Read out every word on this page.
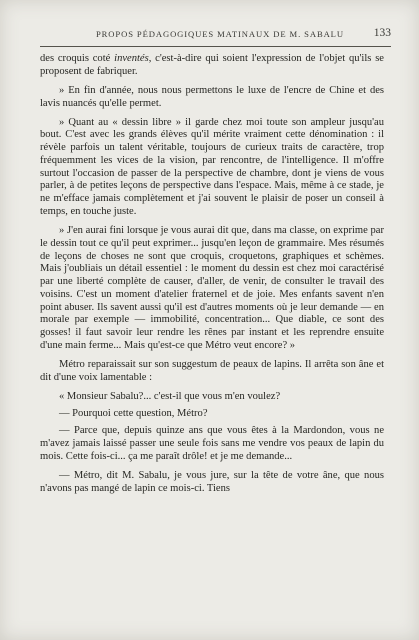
PROPOS PÉDAGOGIQUES MATINAUX DE M. SABALU	133

des croquis coté inventés, c'est-à-dire qui soient l'expression de l'objet qu'ils se proposent de fabriquer.

» En fin d'année, nous nous permettons le luxe de l'encre de Chine et des lavis nuancés qu'elle permet.

» Quant au « dessin libre » il garde chez moi toute son ampleur jusqu'au bout. C'est avec les grands élèves qu'il mérite vraiment cette dénomination : il révèle parfois un talent véritable, toujours de curieux traits de caractère, trop fréquemment les vices de la vision, par rencontre, de l'intelligence. Il m'offre surtout l'occasion de passer de la perspective de chambre, dont je viens de vous parler, à de petites leçons de perspective dans l'espace. Mais, même à ce stade, je ne m'efface jamais complètement et j'ai souvent le plaisir de poser un conseil à temps, en touche juste.

» J'en aurai fini lorsque je vous aurai dit que, dans ma classe, on exprime par le dessin tout ce qu'il peut exprimer... jusqu'en leçon de grammaire. Mes résumés de leçons de choses ne sont que croquis, croquetons, graphiques et schèmes. Mais j'oubliais un détail essentiel : le moment du dessin est chez moi caractérisé par une liberté complète de causer, d'aller, de venir, de consulter le travail des voisins. C'est un moment d'atelier fraternel et de joie. Mes enfants savent n'en point abuser. Ils savent aussi qu'il est d'autres moments où je leur demande — en morale par exemple — immobilité, concentration... Que diable, ce sont des gosses! il faut savoir leur rendre les rênes par instant et les reprendre ensuite d'une main ferme... Mais qu'est-ce que Métro veut encore? »

Métro reparaissait sur son suggestum de peaux de lapins. Il arrêta son âne et dit d'une voix lamentable :

« Monsieur Sabalu?... c'est-il que vous m'en voulez?

— Pourquoi cette question, Métro?

— Parce que, depuis quinze ans que vous êtes à la Mardondon, vous ne m'avez jamais laissé passer une seule fois sans me vendre vos peaux de lapin du mois. Cette fois-ci... ça me paraît drôle! et je me demande...

— Métro, dit M. Sabalu, je vous jure, sur la tête de votre âne, que nous n'avons pas mangé de lapin ce mois-ci. Tiens
